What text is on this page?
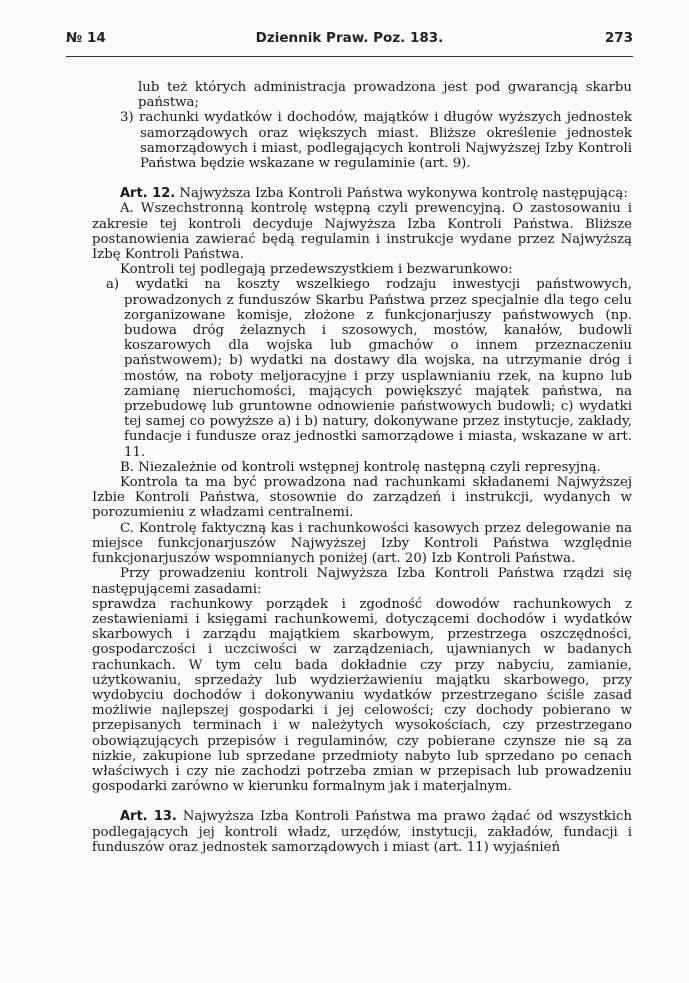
№ 14	Dziennik Praw. Poz. 183.	273

lub też których administracja prowadzona jest pod gwarancją skarbu państwa;

3) rachunki wydatków i dochodów, majątków i długów wyższych jednostek samorządowych oraz większych miast. Bliższe określenie jednostek samorządowych i miast, podlegających kontroli Najwyższej Izby Kontroli Państwa będzie wskazane w regulaminie (art. 9).

Art. 12. Najwyższa Izba Kontroli Państwa wykonywa kontrolę następującą:

A. Wszechstronną kontrolę wstępną czyli prewencyjną. O zastosowaniu i zakresie tej kontroli decyduje Najwyższa Izba Kontroli Państwa. Bliższe postanowienia zawierać będą regulamin i instrukcje wydane przez Najwyższą Izbę Kontroli Państwa.

Kontroli tej podlegają przedewszystkiem i bezwarunkowo:

a) wydatki na koszty wszelkiego rodzaju inwestycji państwowych, prowadzonych z funduszów Skarbu Państwa przez specjalnie dla tego celu zorganizowane komisje, złożone z funkcjonarjuszy państwowych (np. budowa dróg żelaznych i szosowych, mostów, kanałów, budowli koszarowych dla wojska lub gmachów o innem przeznaczeniu państwowem); b) wydatki na dostawy dla wojska, na utrzymanie dróg i mostów, na roboty meljoracyjne i przy usplawnianiu rzek, na kupno lub zamianę nieruchomości, mających powiększyć majątek państwa, na przebudowę lub gruntowne odnowienie państwowych budowli; c) wydatki tej samej co powyższe a) i b) natury, dokonywane przez instytucje, zakłady, fundacje i fundusze oraz jednostki samorządowe i miasta, wskazane w art. 11.

B. Niezależnie od kontroli wstępnej kontrolę następną czyli represyjną.

Kontrola ta ma być prowadzona nad rachunkami składanemi Najwyższej Izbie Kontroli Państwa, stosownie do zarządzeń i instrukcji, wydanych w porozumieniu z władzami centralnemi.

C. Kontrolę faktyczną kas i rachunkowości kasowych przez delegowanie na miejsce funkcjonarjuszów Najwyższej Izby Kontroli Państwa względnie funkcjonarjuszów wspomnianych poniżej (art. 20) Izb Kontroli Państwa.

Przy prowadzeniu kontroli Najwyższa Izba Kontroli Państwa rządzi się następującemi zasadami:

sprawdza rachunkowy porządek i zgodność dowodów rachunkowych z zestawieniami i księgami rachunkowemi, dotyczącemi dochodów i wydatków skarbowych i zarządu majątkiem skarbowym, przestrzega oszczędności, gospodarczości i uczciwości w zarządzeniach, ujawnianych w badanych rachunkach. W tym celu bada dokładnie czy przy nabyciu, zamianie, użytkowaniu, sprzedaży lub wydzierżawieniu majątku skarbowego, przy wydobyciu dochodów i dokonywaniu wydatków przestrzegano ściśle zasad możliwie najlepszej gospodarki i jej celowości; czy dochody pobierano w przepisanych terminach i w należytych wysokościach, czy przestrzegano obowiązujących przepisów i regulaminów, czy pobierane czynsze nie są za nizkie, zakupione lub sprzedane przedmioty nabyto lub sprzedano po cenach właściwych i czy nie zachodzi potrzeba zmian w przepisach lub prowadzeniu gospodarki zarówno w kierunku formalnym jak i materjalnym.

Art. 13. Najwyższa Izba Kontroli Państwa ma prawo żądać od wszystkich podlegających jej kontroli władz, urzędów, instytucji, zakładów, fundacji i funduszów oraz jednostek samorządowych i miast (art. 11) wyjaśnień
